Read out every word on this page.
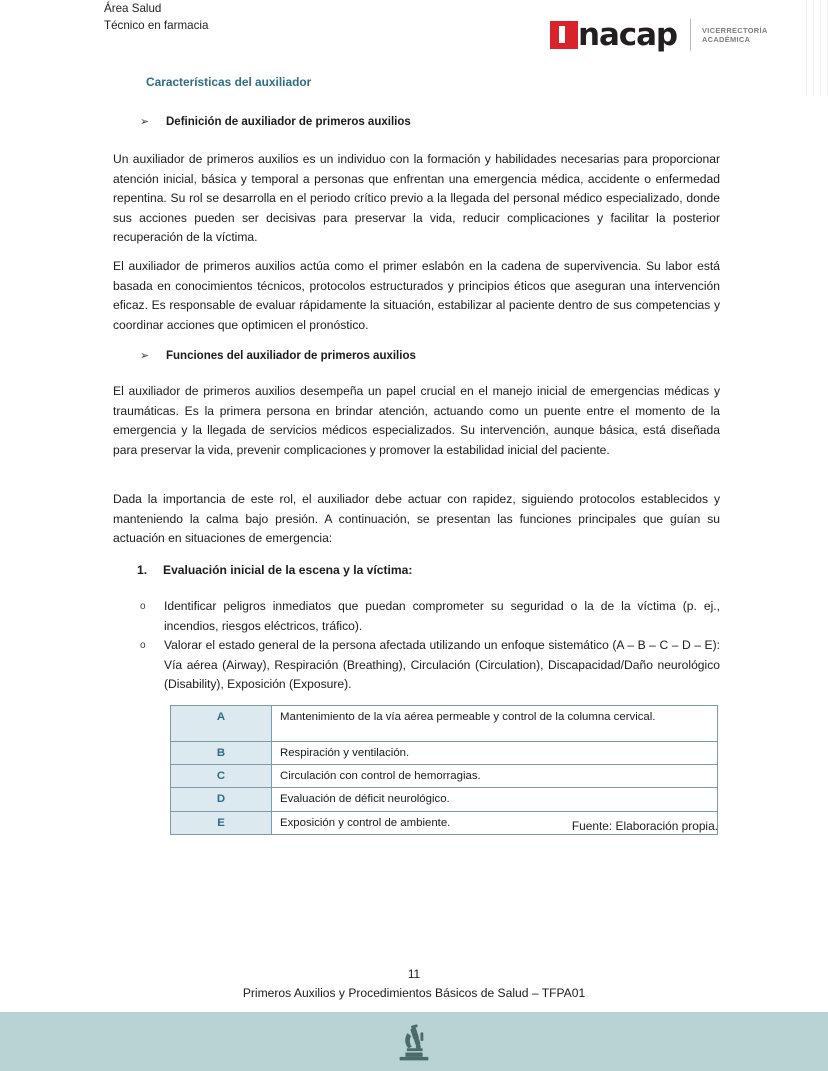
Área Salud
Técnico en farmacia	nacap	VICERRECTORÍA
ACADÉMICA
Características del auxiliador
➢ Definición de auxiliador de primeros auxilios

Un auxiliador de primeros auxilios es un individuo con la formación y habilidades necesarias para proporcionar atención inicial, básica y temporal a personas que enfrentan una emergencia médica, accidente o enfermedad repentina. Su rol se desarrolla en el periodo crítico previo a la llegada del personal médico especializado, donde sus acciones pueden ser decisivas para preservar la vida, reducir complicaciones y facilitar la posterior recuperación de la víctima.

El auxiliador de primeros auxilios actúa como el primer eslabón en la cadena de supervivencia. Su labor está basada en conocimientos técnicos, protocolos estructurados y principios éticos que aseguran una intervención eficaz. Es responsable de evaluar rápidamente la situación, estabilizar al paciente dentro de sus competencias y coordinar acciones que optimicen el pronóstico.

➢ Funciones del auxiliador de primeros auxilios

El auxiliador de primeros auxilios desempeña un papel crucial en el manejo inicial de emergencias médicas y traumáticas. Es la primera persona en brindar atención, actuando como un puente entre el momento de la emergencia y la llegada de servicios médicos especializados. Su intervención, aunque básica, está diseñada para preservar la vida, prevenir complicaciones y promover la estabilidad inicial del paciente.

Dada la importancia de este rol, el auxiliador debe actuar con rapidez, siguiendo protocolos establecidos y manteniendo la calma bajo presión. A continuación, se presentan las funciones principales que guían su actuación en situaciones de emergencia:

1. Evaluación inicial de la escena y la víctima:
o Identificar peligros inmediatos que puedan comprometer su seguridad o la de la víctima (p. ej., incendios, riesgos eléctricos, tráfico).
o Valorar el estado general de la persona afectada utilizando un enfoque sistemático (A – B – C – D – E): Vía aérea (Airway), Respiración (Breathing), Circulación (Circulation), Discapacidad/Daño neurológico (Disability), Exposición (Exposure).
A	Mantenimiento de la vía aérea permeable y control de la columna cervical.
B	Respiración y ventilación.
C	Circulación con control de hemorragias.
D	Evaluación de déficit neurológico.
E	Exposición y control de ambiente.	Fuente: Elaboración propia.
11
Primeros Auxilios y Procedimientos Básicos de Salud – TFPA01
